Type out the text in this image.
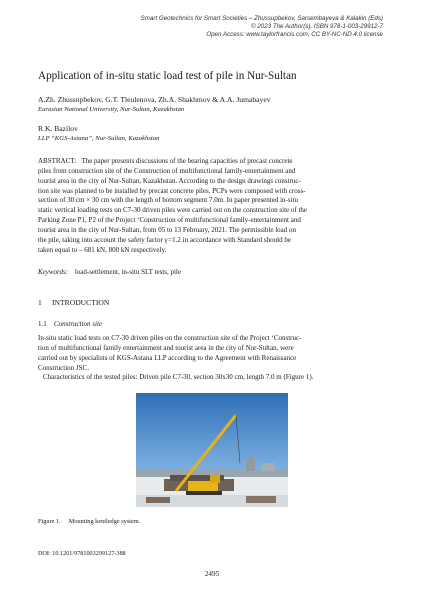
Smart Geotechnics for Smart Societies – Zhussupbekov, Sarsembayeva & Kalakin (Eds)
© 2023 The Author(s), ISBN 978-1-003-29912-7
Open Access: www.taylorfrancis.com, CC BY-NC-ND 4.0 license
Application of in-situ static load test of pile in Nur-Sultan
A.Zh. Zhussupbekov, G.T. Tleulenova, Zh.A. Shakhmov & A.A. Jumabayev
Eurasian National University, Nur-Sultan, Kazakhstan
R.K. Bazilov
LLP “KGS-Astana”, Nur-Sultan, Kazakhstan
ABSTRACT: The paper presents discussions of the bearing capacities of precast concrete
piles from construction site of the Construction of multifunctional family-entertainment and
tourist area in the city of Nur-Sultan, Kazakhstan. According to the design drawings construc-
tion site was planned to be installed by precast concrete piles. PCPs were composed with cross-
section of 30 cm × 30 cm with the length of bottom segment 7.0m. In paper presented in-situ
static vertical loading tests on C7-30 driven piles were carried out on the construction site of the
Parking Zone P1, P2 of the Project ‘Construction of multifunctional family-entertainment and
tourist area in the city of Nur-Sultan, from 05 to 13 February, 2021. The permissible load on
the pile, taking into account the safety factor γ =1.2 in accordance with Standard should be
taken equal to – 681 kN, 800 kN respectively.
Keywords: load-settlement, in-situ SLT tests, pile
1 INTRODUCTION
1.1 Construction site
In-situ static load tests on C7-30 driven piles on the construction site of the Project ‘Construc-
tion of multifunctional family entertainment and tourist area in the city of Nur-Sultan, were
carried out by specialists of KGS-Astana LLP according to the Agreement with Renaissance
Construction JSC.
Characteristics of the tested piles: Driven pile C7-30, section 30x30 cm, length 7.0 m (Figure 1).
Figure 1. Mounting kentledge system.
DOI: 10.1201/9781003299127-388
2495
